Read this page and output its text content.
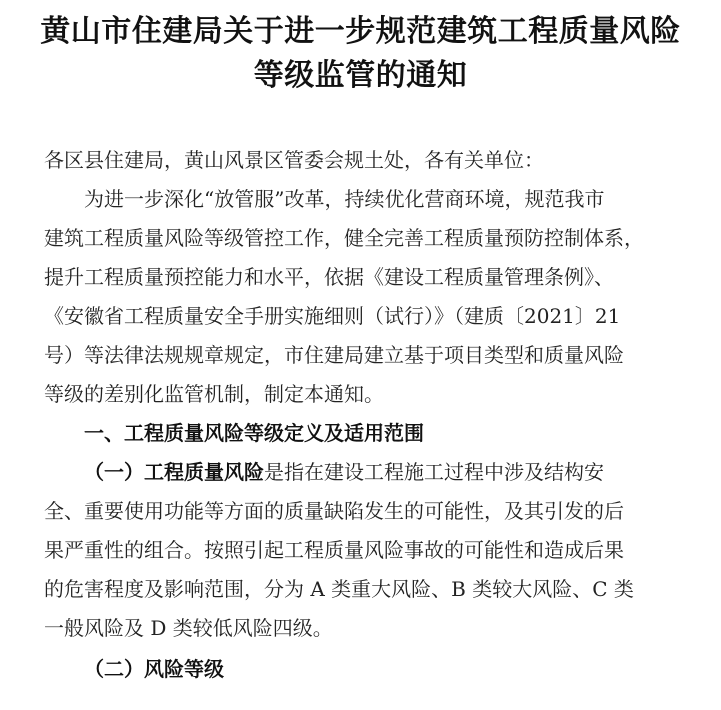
黄山市住建局关于进一步规范建筑工程质量风险
等级监管的通知
各区县住建局，黄山风景区管委会规土处，各有关单位：
为进一步深化“放管服”改革，持续优化营商环境，规范我市
建筑工程质量风险等级管控工作，健全完善工程质量预防控制体系，
提升工程质量预控能力和水平，依据《建设工程质量管理条例》、
《安徽省工程质量安全手册实施细则（试行）》（建质〔2021〕21
号）等法律法规规章规定，市住建局建立基于项目类型和质量风险
等级的差别化监管机制，制定本通知。
一、工程质量风险等级定义及适用范围
（一）工程质量风险是指在建设工程施工过程中涉及结构安
全、重要使用功能等方面的质量缺陷发生的可能性，及其引发的后
果严重性的组合。按照引起工程质量风险事故的可能性和造成后果
的危害程度及影响范围，分为 A 类重大风险、B 类较大风险、C 类
一般风险及 D 类较低风险四级。
（二）风险等级
